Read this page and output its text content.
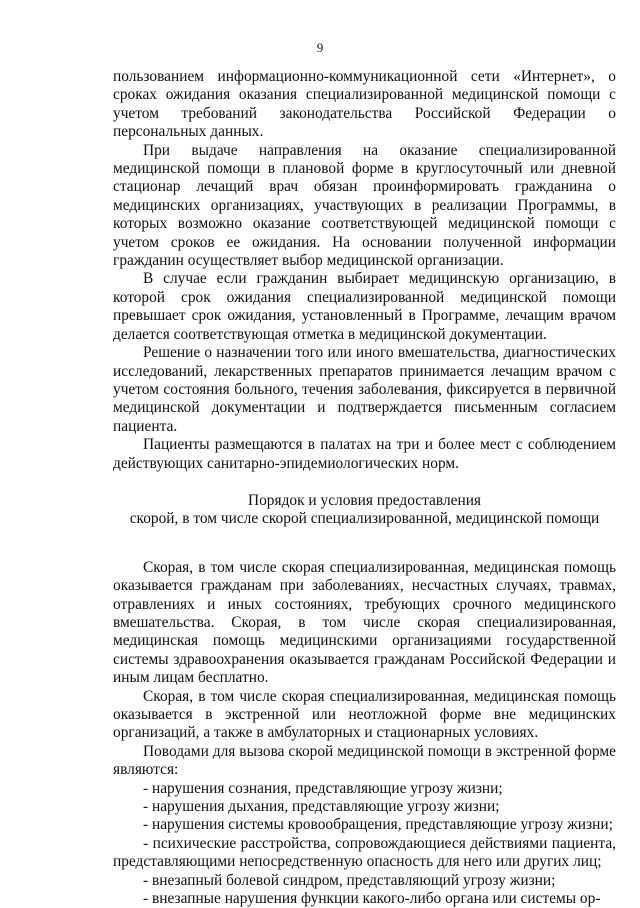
9

пользованием информационно-коммуникационной сети «Интернет», о сроках ожидания оказания специализированной медицинской помощи с учетом требований законодательства Российской Федерации о персональных данных.

При выдаче направления на оказание специализированной медицинской помощи в плановой форме в круглосуточный или дневной стационар лечащий врач обязан проинформировать гражданина о медицинских организациях, участвующих в реализации Программы, в которых возможно оказание соответствующей медицинской помощи с учетом сроков ее ожидания. На основании полученной информации гражданин осуществляет выбор медицинской организации.

В случае если гражданин выбирает медицинскую организацию, в которой срок ожидания специализированной медицинской помощи превышает срок ожидания, установленный в Программе, лечащим врачом делается соответствующая отметка в медицинской документации.

Решение о назначении того или иного вмешательства, диагностических исследований, лекарственных препаратов принимается лечащим врачом с учетом состояния больного, течения заболевания, фиксируется в первичной медицинской документации и подтверждается письменным согласием пациента.

Пациенты размещаются в палатах на три и более мест с соблюдением действующих санитарно-эпидемиологических норм.

Порядок и условия предоставления
скорой, в том числе скорой специализированной, медицинской помощи

Скорая, в том числе скорая специализированная, медицинская помощь оказывается гражданам при заболеваниях, несчастных случаях, травмах, отравлениях и иных состояниях, требующих срочного медицинского вмешательства. Скорая, в том числе скорая специализированная, медицинская помощь медицинскими организациями государственной системы здравоохранения оказывается гражданам Российской Федерации и иным лицам бесплатно.

Скорая, в том числе скорая специализированная, медицинская помощь оказывается в экстренной или неотложной форме вне медицинских организаций, а также в амбулаторных и стационарных условиях.

Поводами для вызова скорой медицинской помощи в экстренной форме являются:

- нарушения сознания, представляющие угрозу жизни;

- нарушения дыхания, представляющие угрозу жизни;

- нарушения системы кровообращения, представляющие угрозу жизни;

- психические расстройства, сопровождающиеся действиями пациента, представляющими непосредственную опасность для него или других лиц;

- внезапный болевой синдром, представляющий угрозу жизни;

- внезапные нарушения функции какого-либо органа или системы ор-
